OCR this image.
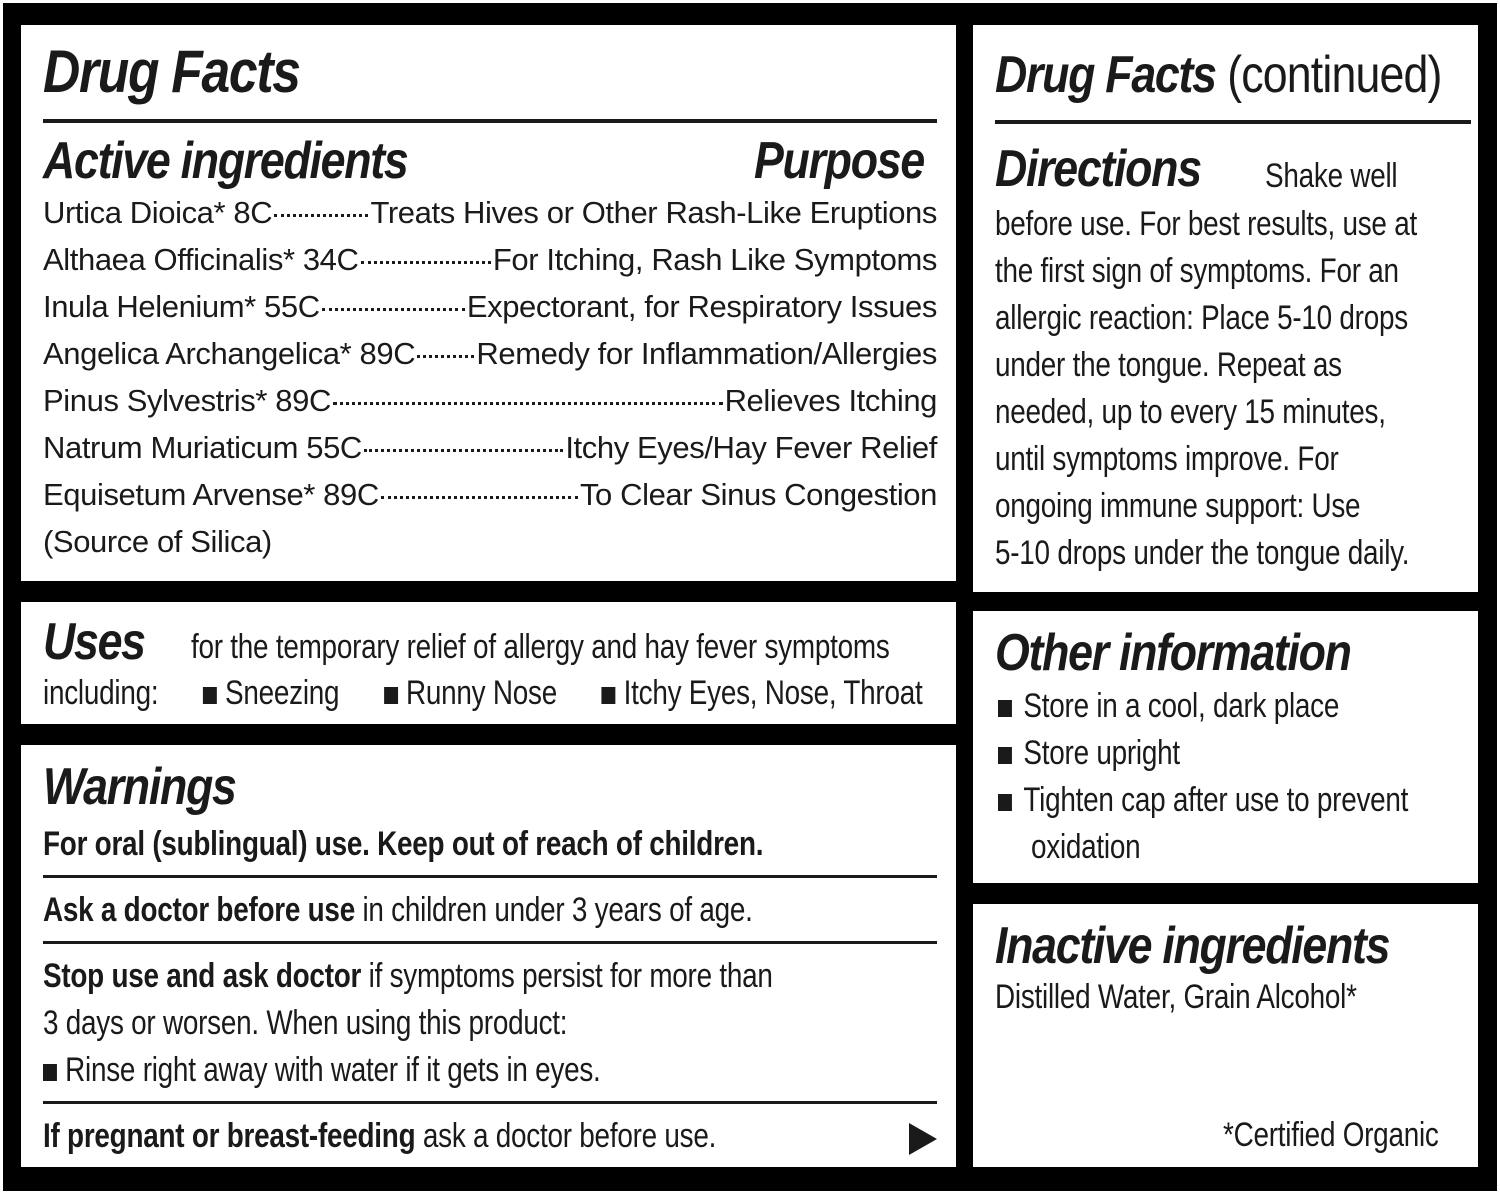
Drug Facts
Active ingredients	Purpose
Urtica Dioica* 8C	Treats Hives or Other Rash-Like Eruptions
Althaea Officinalis* 34C	For Itching, Rash Like Symptoms
Inula Helenium* 55C	Expectorant, for Respiratory Issues
Angelica Archangelica* 89C Remedy for Inflammation/Allergies
Pinus Sylvestris* 89C	Relieves Itching
Natrum Muriaticum 55C	Itchy Eyes/Hay Fever Relief
Equisetum Arvense* 89C	To Clear Sinus Congestion
(Source of Silica)
Uses for the temporary relief of allergy and hay fever symptoms
including: Sneezing Runny Nose Itchy Eyes, Nose, Throat
Warnings
For oral (sublingual) use. Keep out of reach of children.
Ask a doctor before use in children under 3 years of age.
Stop use and ask doctor if symptoms persist for more than
3 days or worsen. When using this product:
Rinse right away with water if it gets in eyes.
If pregnant or breast-feeding ask a doctor before use.
Drug Facts (continued)
Directions Shake well
before use. For best results, use at
the first sign of symptoms. For an
allergic reaction: Place 5-10 drops
under the tongue. Repeat as
needed, up to every 15 minutes,
until symptoms improve. For
ongoing immune support: Use
5-10 drops under the tongue daily.
Other information
Store in a cool, dark place
Store upright
Tighten cap after use to prevent
oxidation
Inactive ingredients
Distilled Water, Grain Alcohol*
*Certified Organic
